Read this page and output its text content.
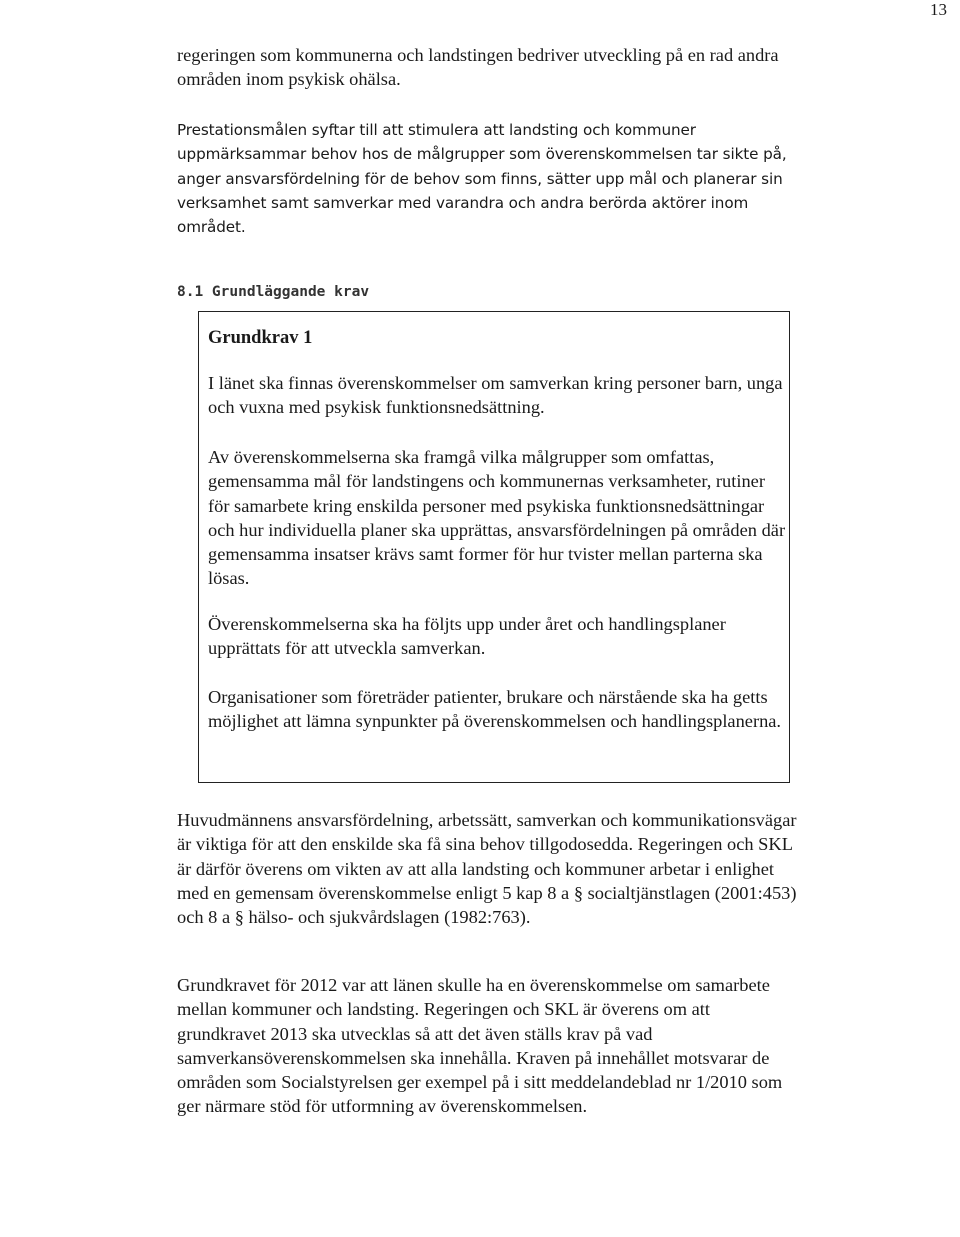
13

regeringen som kommunerna och landstingen bedriver utveckling på en rad andra områden inom psykisk ohälsa.

Prestationsmålen syftar till att stimulera att landsting och kommuner uppmärksammar behov hos de målgrupper som överenskommelsen tar sikte på, anger ansvarsfördelning för de behov som finns, sätter upp mål och planerar sin verksamhet samt samverkar med varandra och andra berörda aktörer inom området.

8.1 Grundläggande krav
Grundkrav 1

I länet ska finnas överenskommelser om samverkan kring personer barn, unga och vuxna med psykisk funktionsnedsättning.

Av överenskommelserna ska framgå vilka målgrupper som omfattas, gemensamma mål för landstingens och kommunernas verksamheter, rutiner för samarbete kring enskilda personer med psykiska funktionsnedsättningar och hur individuella planer ska upprättas, ansvarsfördelningen på områden där gemensamma insatser krävs samt former för hur tvister mellan parterna ska lösas.

Överenskommelserna ska ha följts upp under året och handlingsplaner upprättats för att utveckla samverkan.

Organisationer som företräder patienter, brukare och närstående ska ha getts möjlighet att lämna synpunkter på överenskommelsen och handlingsplanerna.

Huvudmännens ansvarsfördelning, arbetssätt, samverkan och kommunikationsvägar är viktiga för att den enskilde ska få sina behov tillgodosedda. Regeringen och SKL är därför överens om vikten av att alla landsting och kommuner arbetar i enlighet med en gemensam överenskommelse enligt 5 kap 8 a § socialtjänstlagen (2001:453) och 8 a § hälso- och sjukvårdslagen (1982:763).

Grundkravet för 2012 var att länen skulle ha en överenskommelse om samarbete mellan kommuner och landsting. Regeringen och SKL är överens om att grundkravet 2013 ska utvecklas så att det även ställs krav på vad samverkansöverenskommelsen ska innehålla. Kraven på innehållet motsvarar de områden som Socialstyrelsen ger exempel på i sitt meddelandeblad nr 1/2010 som ger närmare stöd för utformning av överenskommelsen.
